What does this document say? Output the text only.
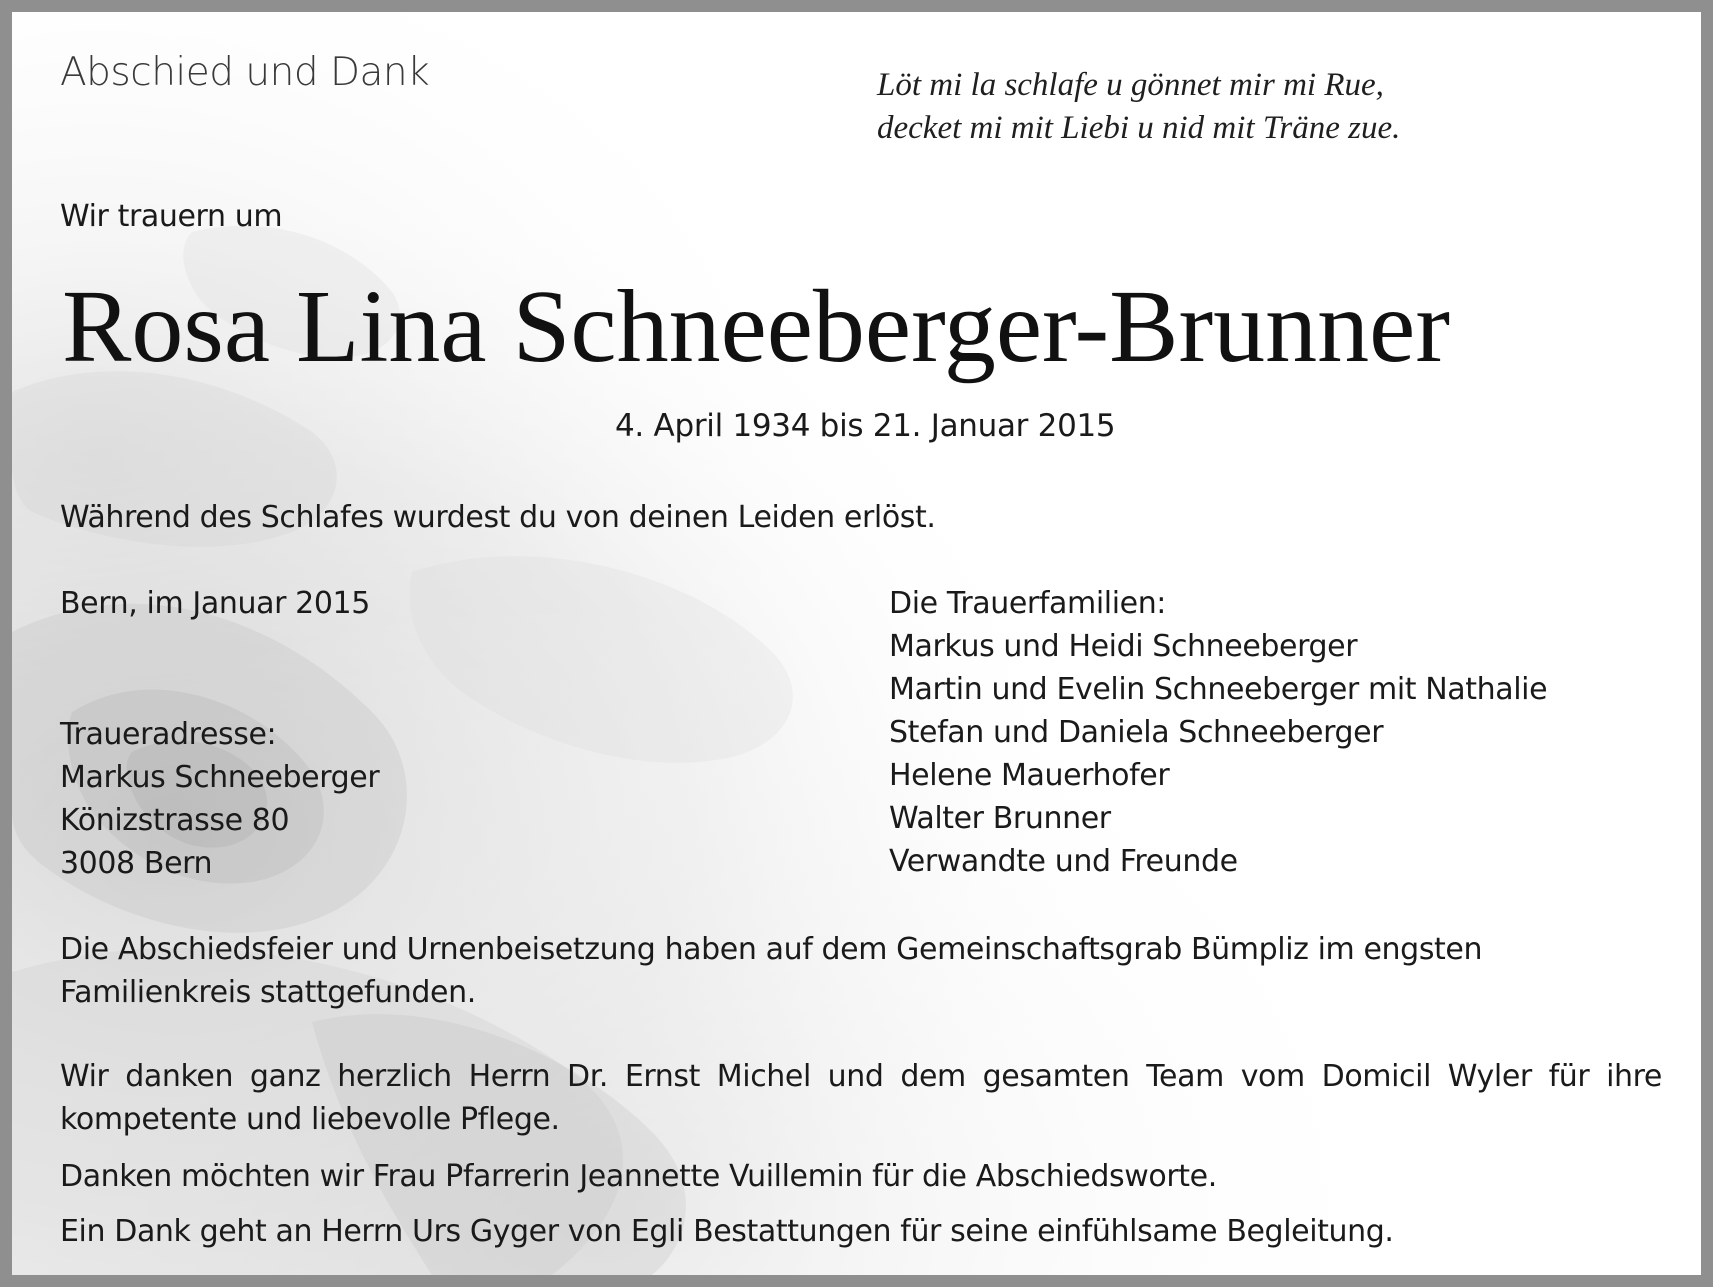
Abschied und Dank	Löt mi la schlafe u gönnet mir mi Rue,
decket mi mit Liebi u nid mit Träne zue.
Wir trauern um
Rosa Lina Schneeberger-Brunner
4. April 1934 bis 21. Januar 2015
Während des Schlafes wurdest du von deinen Leiden erlöst.
Bern, im Januar 2015
Traueradresse:
Markus Schneeberger
Könizstrasse 80
3008 Bern
Die Trauerfamilien:
Markus und Heidi Schneeberger
Martin und Evelin Schneeberger mit Nathalie
Stefan und Daniela Schneeberger
Helene Mauerhofer
Walter Brunner
Verwandte und Freunde
Die Abschiedsfeier und Urnenbeisetzung haben auf dem Gemeinschaftsgrab Bümpliz im engsten Familienkreis stattgefunden.
Wir danken ganz herzlich Herrn Dr. Ernst Michel und dem gesamten Team vom Domicil Wyler für ihre kompetente und liebevolle Pflege.
Danken möchten wir Frau Pfarrerin Jeannette Vuillemin für die Abschiedsworte.
Ein Dank geht an Herrn Urs Gyger von Egli Bestattungen für seine einfühlsame Begleitung.
